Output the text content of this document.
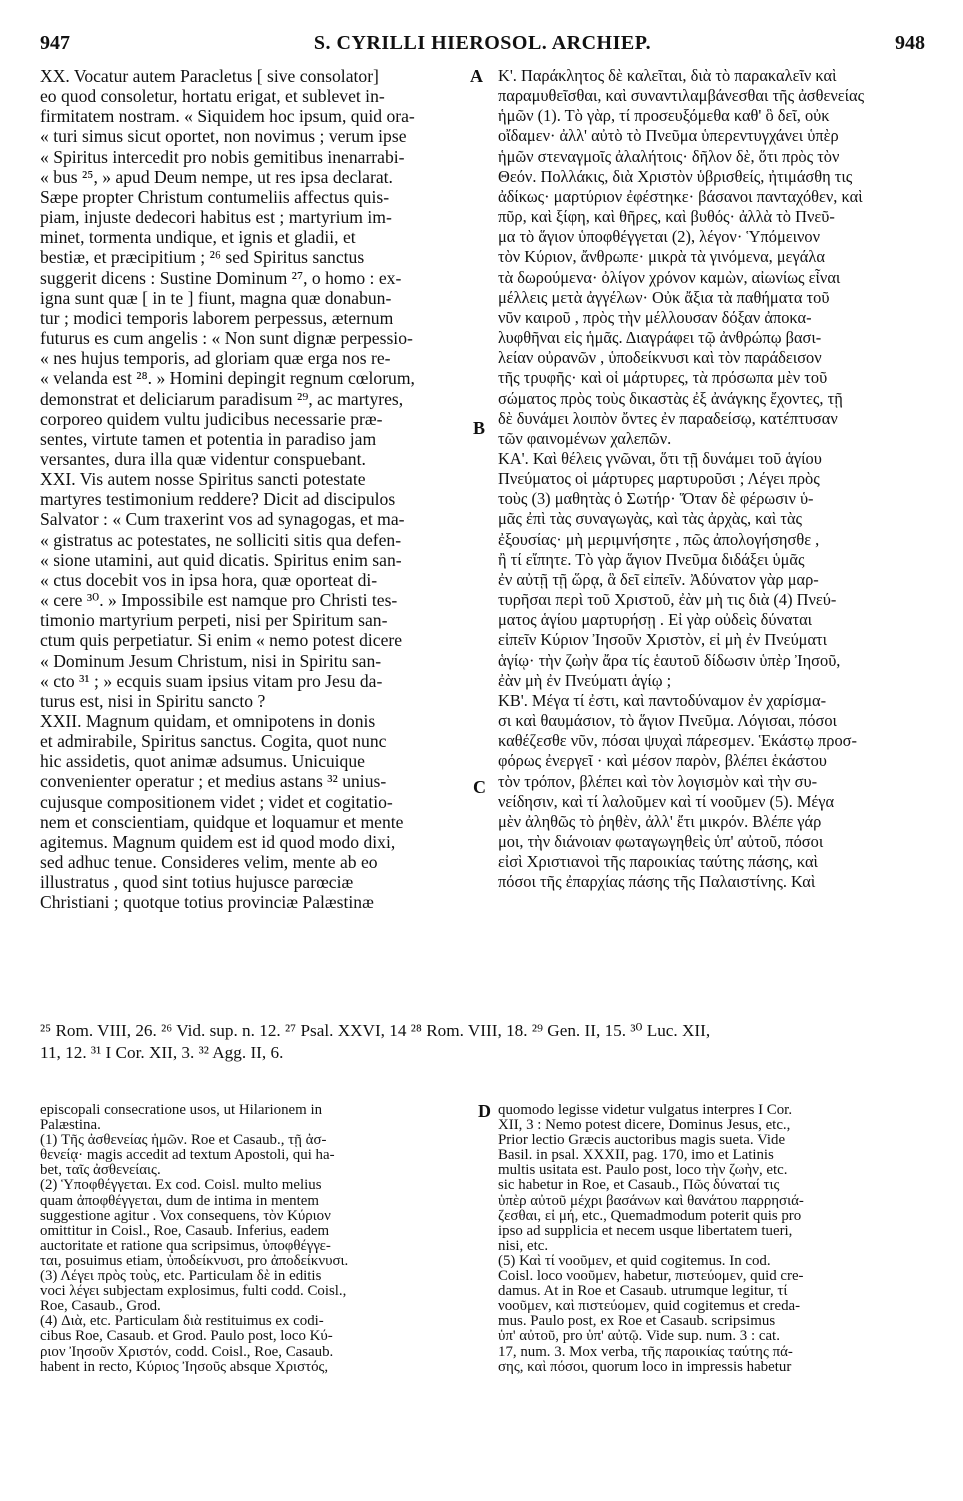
947	S. CYRILLI HIEROSOL. ARCHIEP.	948

XX. Vocatur autem Paracletus [ sive consolator]
eo quod consoletur, hortatu erigat, et sublevet in-
firmitatem nostram. « Siquidem hoc ipsum, quid ora-
« turi simus sicut oportet, non novimus ; verum ipse
« Spiritus intercedit pro nobis gemitibus inenarrabi-
« bus ²⁵, » apud Deum nempe, ut res ipsa declarat.
Sæpe propter Christum contumeliis affectus quis-
piam, injuste dedecori habitus est ; martyrium im-
minet, tormenta undique, et ignis et gladii, et
bestiæ, et præcipitium ; ²⁶ sed Spiritus sanctus
suggerit dicens : Sustine Dominum ²⁷, o homo : ex-
igna sunt quæ [ in te ] fiunt, magna quæ donabun-
tur ; modici temporis laborem perpessus, æternum
futurus es cum angelis : « Non sunt dignæ perpessio-
« nes hujus temporis, ad gloriam quæ erga nos re-
« velanda est ²⁸. » Homini depingit regnum cœlorum,
demonstrat et deliciarum paradisum ²⁹, ac martyres,
corporeo quidem vultu judicibus necessarie præ-
sentes, virtute tamen et potentia in paradiso jam
versantes, dura illa quæ videntur conspuebant.

XXI. Vis autem nosse Spiritus sancti potestate
martyres testimonium reddere? Dicit ad discipulos
Salvator : « Cum traxerint vos ad synagogas, et ma-
« gistratus ac potestates, ne solliciti sitis qua defen-
« sione utamini, aut quid dicatis. Spiritus enim san-
« ctus docebit vos in ipsa hora, quæ oporteat di-
« cere ³⁰. » Impossibile est namque pro Christi tes-
timonio martyrium perpeti, nisi per Spiritum san-
ctum quis perpetiatur. Si enim « nemo potest dicere
« Dominum Jesum Christum, nisi in Spiritu san-
« cto ³¹ ; » ecquis suam ipsius vitam pro Jesu da-
turus est, nisi in Spiritu sancto ?

XXII. Magnum quidam, et omnipotens in donis
et admirabile, Spiritus sanctus. Cogita, quot nunc
hic assidetis, quot animæ adsumus. Unicuique
convenienter operatur ; et medius astans ³² unius-
cujusque compositionem videt ; videt et cogitatio-
nem et conscientiam, quidque et loquamur et mente
agitemus. Magnum quidem est id quod modo dixi,
sed adhuc tenue. Consideres velim, mente ab eo
illustratus , quod sint totius hujusce parœciæ
Christiani ; quotque totius provinciæ Palæstinæ

Κ'. Παράκλητος δὲ καλεῖται, διὰ τὸ παρακαλεῖν καὶ
παραμυθεῖσθαι, καὶ συναντιλαμβάνεσθαι τῆς ἀσθενείας
ἡμῶν (1). Τὸ γὰρ, τί προσευξόμεθα καθ' ὃ δεῖ, οὐκ
οἴδαμεν· ἀλλ' αὐτὸ τὸ Πνεῦμα ὑπερεντυγχάνει ὑπὲρ
ἡμῶν στεναγμοῖς ἀλαλήτοις· δῆλον δὲ, ὅτι πρὸς τὸν
Θεόν. Πολλάκις, διὰ Χριστὸν ὑβρισθείς, ἠτιμάσθη τις
ἀδίκως· μαρτύριον ἐφέστηκε· βάσανοι πανταχόθεν, καὶ
πῦρ, καὶ ξίφη, καὶ θῆρες, καὶ βυθός· ἀλλὰ τὸ Πνεῦ-
μα τὸ ἅγιον ὑποφθέγγεται (2), λέγον· Ὑπόμεινον
τὸν Κύριον, ἄνθρωπε· μικρὰ τὰ γινόμενα, μεγάλα
τὰ δωρούμενα· ὀλίγον χρόνον καμὼν, αἰωνίως εἶναι
μέλλεις μετὰ ἀγγέλων· Οὐκ ἄξια τὰ παθήματα τοῦ
νῦν καιροῦ , πρὸς τὴν μέλλουσαν δόξαν ἀποκα-
λυφθῆναι εἰς ἡμᾶς. Διαγράφει τῷ ἀνθρώπῳ βασι-
λείαν οὐρανῶν , ὑποδείκνυσι καὶ τὸν παράδεισον
τῆς τρυφῆς· καὶ οἱ μάρτυρες, τὰ πρόσωπα μὲν τοῦ
σώματος πρὸς τοὺς δικαστὰς ἐξ ἀνάγκης ἔχοντες, τῇ
δὲ δυνάμει λοιπὸν ὄντες ἐν παραδείσῳ, κατέπτυσαν
τῶν φαινομένων χαλεπῶν.

ΚΑ'. Καὶ θέλεις γνῶναι, ὅτι τῇ δυνάμει τοῦ ἁγίου
Πνεύματος οἱ μάρτυρες μαρτυροῦσι ; Λέγει πρὸς
τοὺς (3) μαθητὰς ὁ Σωτήρ· Ὅταν δὲ φέρωσιν ὑ-
μᾶς ἐπὶ τὰς συναγωγὰς, καὶ τὰς ἀρχὰς, καὶ τὰς
ἐξουσίας· μὴ μεριμνήσητε , πῶς ἀπολογήσησθε ,
ἢ τί εἴπητε. Τὸ γὰρ ἅγιον Πνεῦμα διδάξει ὑμᾶς
ἐν αὐτῇ τῇ ὥρᾳ, ἃ δεῖ εἰπεῖν. Ἀδύνατον γὰρ μαρ-
τυρῆσαι περὶ τοῦ Χριστοῦ, ἐὰν μὴ τις διὰ (4) Πνεύ-
ματος ἁγίου μαρτυρήσῃ . Εἰ γὰρ οὐδεὶς δύναται
εἰπεῖν Κύριον Ἰησοῦν Χριστὸν, εἰ μὴ ἐν Πνεύματι
ἁγίῳ· τὴν ζωὴν ἄρα τίς ἑαυτοῦ δίδωσιν ὑπὲρ Ἰησοῦ,
ἐὰν μὴ ἐν Πνεύματι ἁγίῳ ;

ΚΒ'. Μέγα τί ἐστι, καὶ παντοδύναμον ἐν χαρίσμα-
σι καὶ θαυμάσιον, τὸ ἅγιον Πνεῦμα. Λόγισαι, πόσοι
καθέζεσθε νῦν, πόσαι ψυχαὶ πάρεσμεν. Ἑκάστῳ προσ-
φόρως ἐνεργεῖ · καὶ μέσον παρὸν, βλέπει ἑκάστου
τὸν τρόπον, βλέπει καὶ τὸν λογισμὸν καὶ τὴν συ-
νείδησιν, καὶ τί λαλοῦμεν καὶ τί νοοῦμεν (5). Μέγα
μὲν ἀληθῶς τὸ ῥηθὲν, ἀλλ' ἔτι μικρόν. Βλέπε γάρ
μοι, τὴν διάνοιαν φωταγωγηθεὶς ὑπ' αὐτοῦ, πόσοι
εἰσὶ Χριστιανοὶ τῆς παροικίας ταύτης πάσης, καὶ
πόσοι τῆς ἐπαρχίας πάσης τῆς Παλαιστίνης. Καὶ

A
B
C
D
²⁵ Rom. VIII, 26. ²⁶ Vid. sup. n. 12. ²⁷ Psal. XXVI, 14 ²⁸ Rom. VIII, 18. ²⁹ Gen. II, 15. ³⁰ Luc. XII,
11, 12. ³¹ I Cor. XII, 3. ³² Agg. II, 6.

episcopali consecratione usos, ut Hilarionem in
Palæstina.
(1) Τῆς ἀσθενείας ἡμῶν. Roe et Casaub., τῇ ἀσ-
θενείᾳ· magis accedit ad textum Apostoli, qui ha-
bet, ταῖς ἀσθενείαις.
(2) Ὑποφθέγγεται. Ex cod. Coisl. multo melius
quam ἀποφθέγγεται, dum de intima in mentem
suggestione agitur . Vox consequens, τὸν Κύριον
omittitur in Coisl., Roe, Casaub. Inferius, eadem
auctoritate et ratione qua scripsimus, ὑποφθέγγε-
ται, posuimus etiam, ὑποδείκνυσι, pro ἀποδείκνυσι.
(3) Λέγει πρὸς τοὺς, etc. Particulam δὲ in editis
voci λέγει subjectam explosimus, fulti codd. Coisl.,
Roe, Casaub., Grod.
(4) Διὰ, etc. Particulam διὰ restituimus ex codi-
cibus Roe, Casaub. et Grod. Paulo post, loco Κύ-
ριον Ἰησοῦν Χριστόν, codd. Coisl., Roe, Casaub.
habent in recto, Κύριος Ἰησοῦς absque Χριστός,

quomodo legisse videtur vulgatus interpres I Cor.
XII, 3 : Nemo potest dicere, Dominus Jesus, etc.,
Prior lectio Græcis auctoribus magis sueta. Vide
Basil. in psal. XXXII, pag. 170, imo et Latinis
multis usitata est. Paulo post, loco τὴν ζωὴν, etc.
sic habetur in Roe, et Casaub., Πῶς δύναταί τις
ὑπὲρ αὐτοῦ μέχρι βασάνων καὶ θανάτου παρρησιά-
ζεσθαι, εἰ μή, etc., Quemadmodum poterit quis pro
ipso ad supplicia et necem usque libertatem tueri,
nisi, etc.
(5) Καὶ τί νοοῦμεν, et quid cogitemus. In cod.
Coisl. loco νοοῦμεν, habetur, πιστεύομεν, quid cre-
damus. At in Roe et Casaub. utrumque legitur, τί
νοοῦμεν, καὶ πιστεύομεν, quid cogitemus et creda-
mus. Paulo post, ex Roe et Casaub. scripsimus
ὑπ' αὐτοῦ, pro ὑπ' αὐτῷ. Vide sup. num. 3 : cat.
17, num. 3. Mox verba, τῆς παροικίας ταύτης πά-
σης, καὶ πόσοι, quorum loco in impressis habetur
